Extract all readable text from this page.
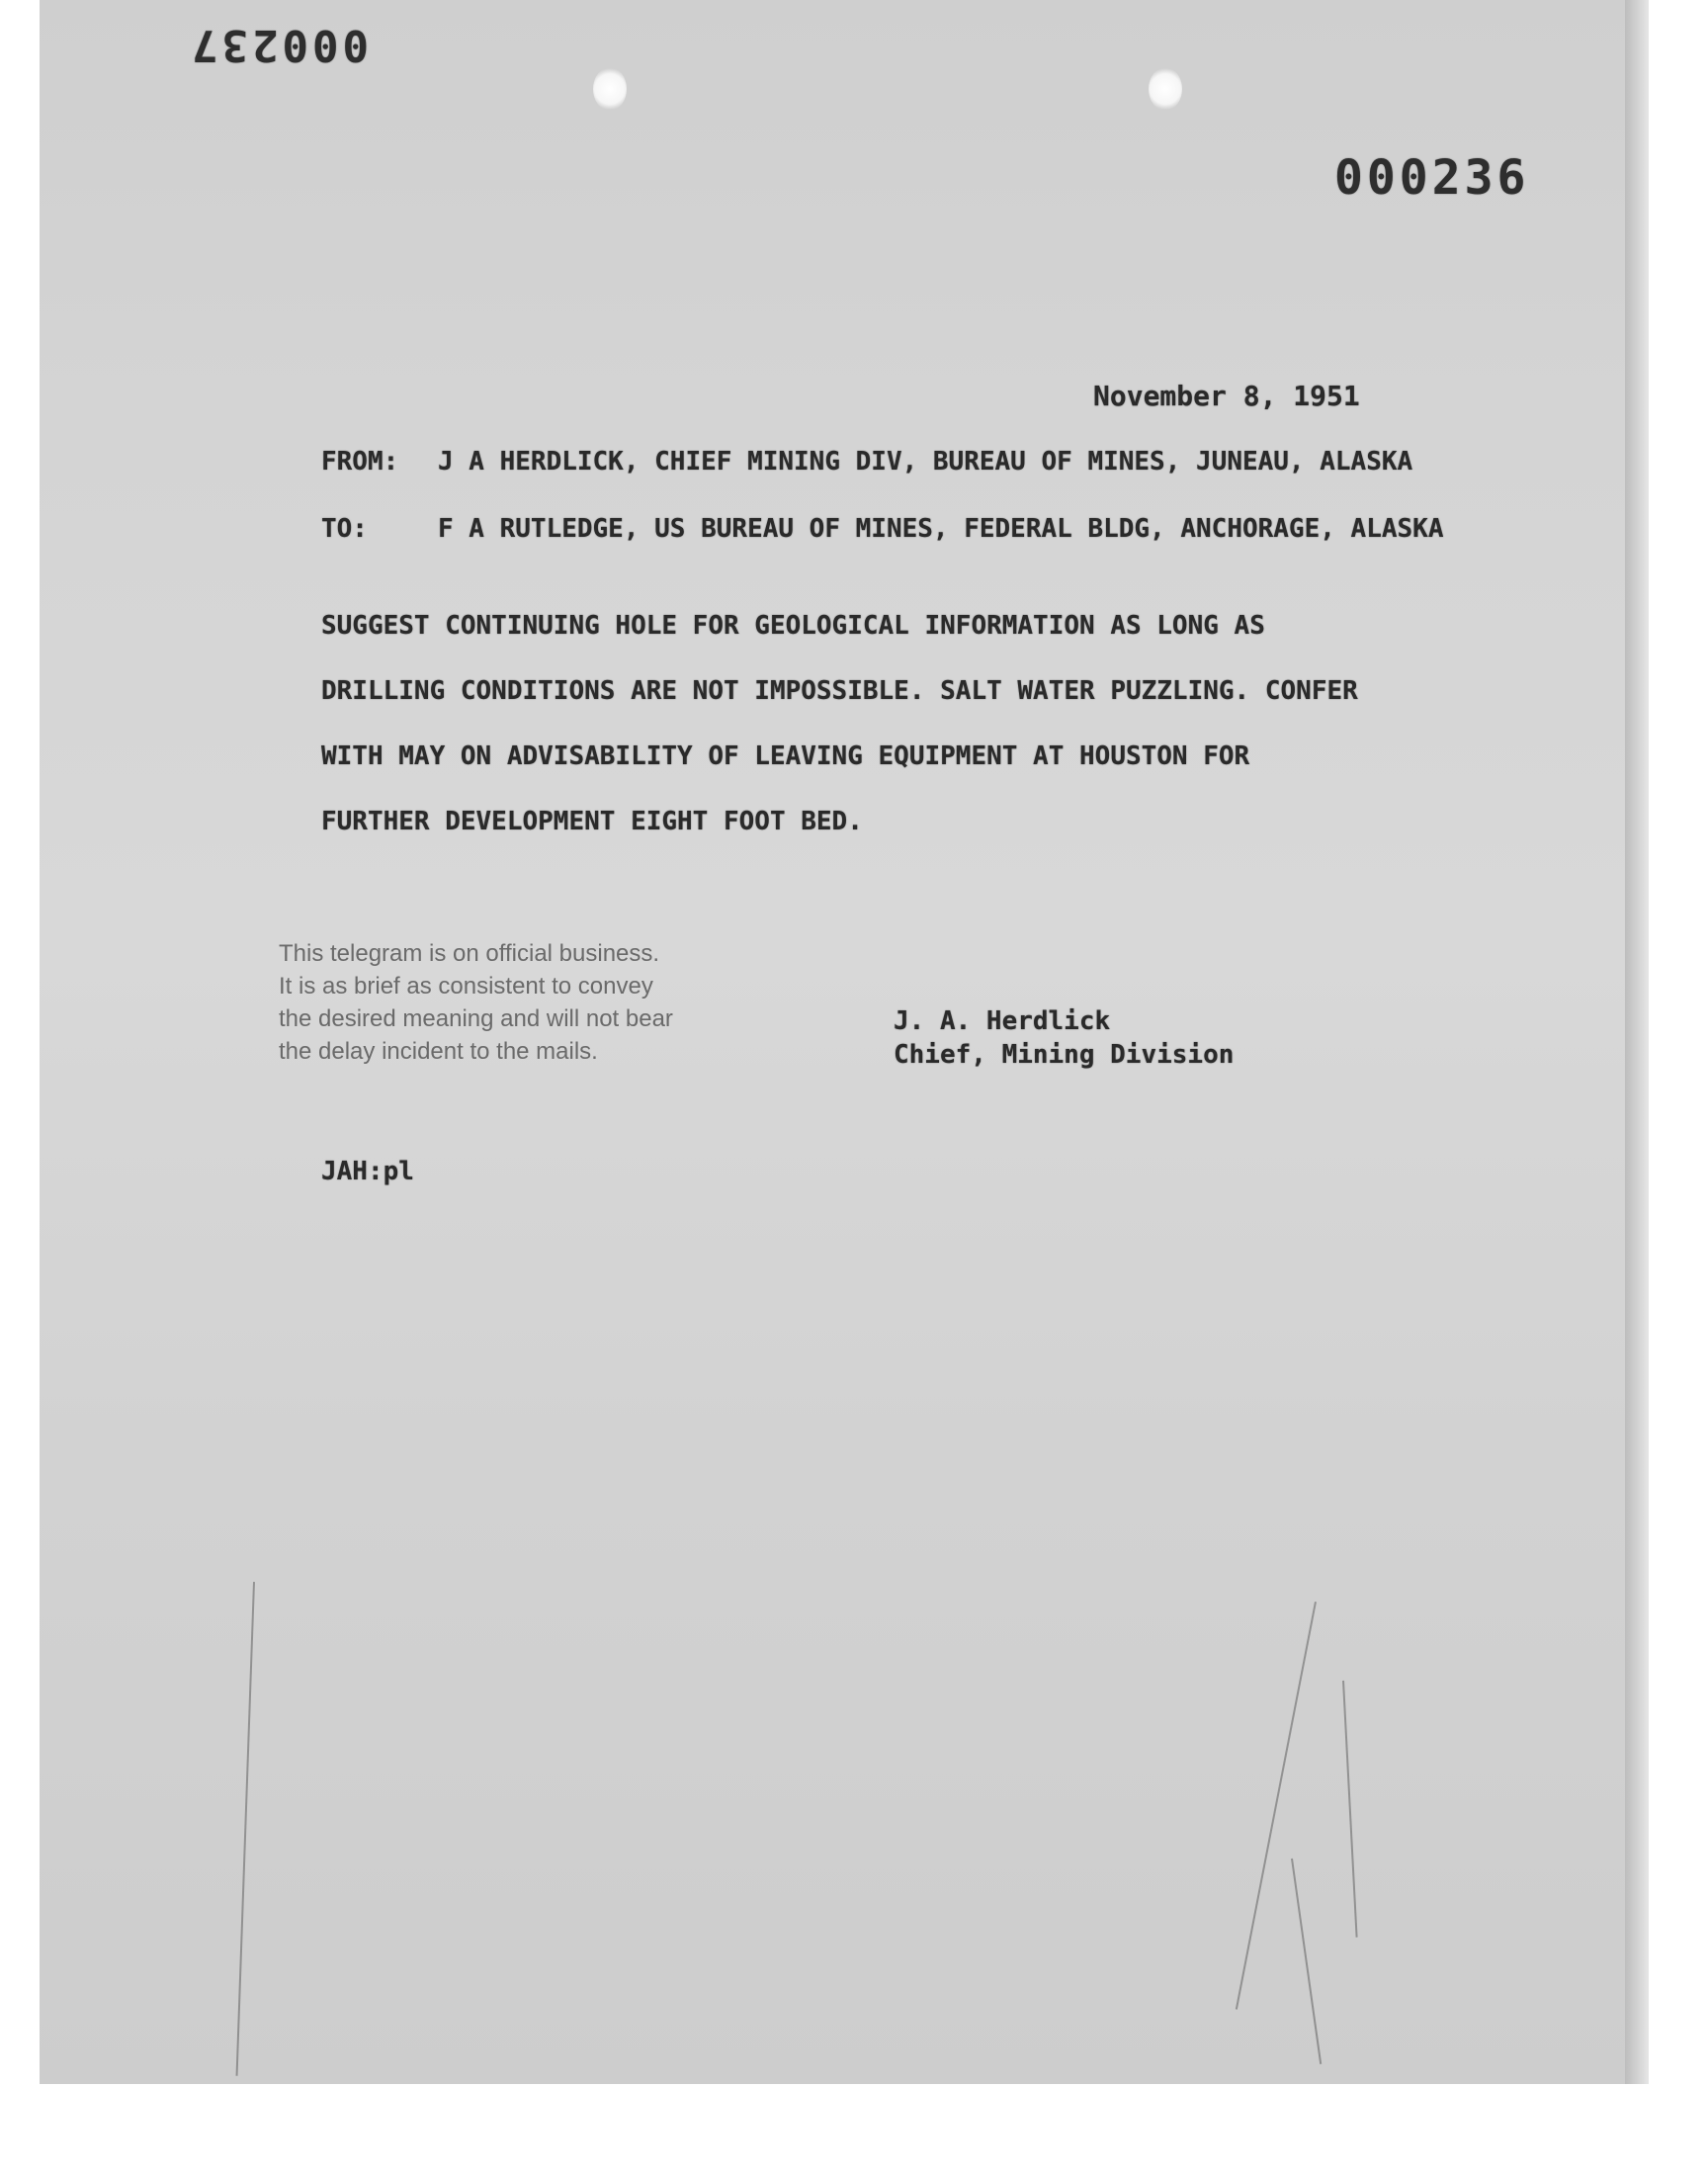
000237
000236
November 8, 1951
FROM: J A HERDLICK, CHIEF MINING DIV, BUREAU OF MINES, JUNEAU, ALASKA
TO:	F A RUTLEDGE, US BUREAU OF MINES, FEDERAL BLDG, ANCHORAGE, ALASKA
SUGGEST CONTINUING HOLE FOR GEOLOGICAL INFORMATION AS LONG AS
DRILLING CONDITIONS ARE NOT IMPOSSIBLE. SALT WATER PUZZLING. CONFER
WITH MAY ON ADVISABILITY OF LEAVING EQUIPMENT AT HOUSTON FOR
FURTHER DEVELOPMENT EIGHT FOOT BED.
This telegram is on official business.
It is as brief as consistent to convey
the desired meaning and will not bear
the delay incident to the mails.
J. A. Herdlick
Chief, Mining Division
JAH:pl
